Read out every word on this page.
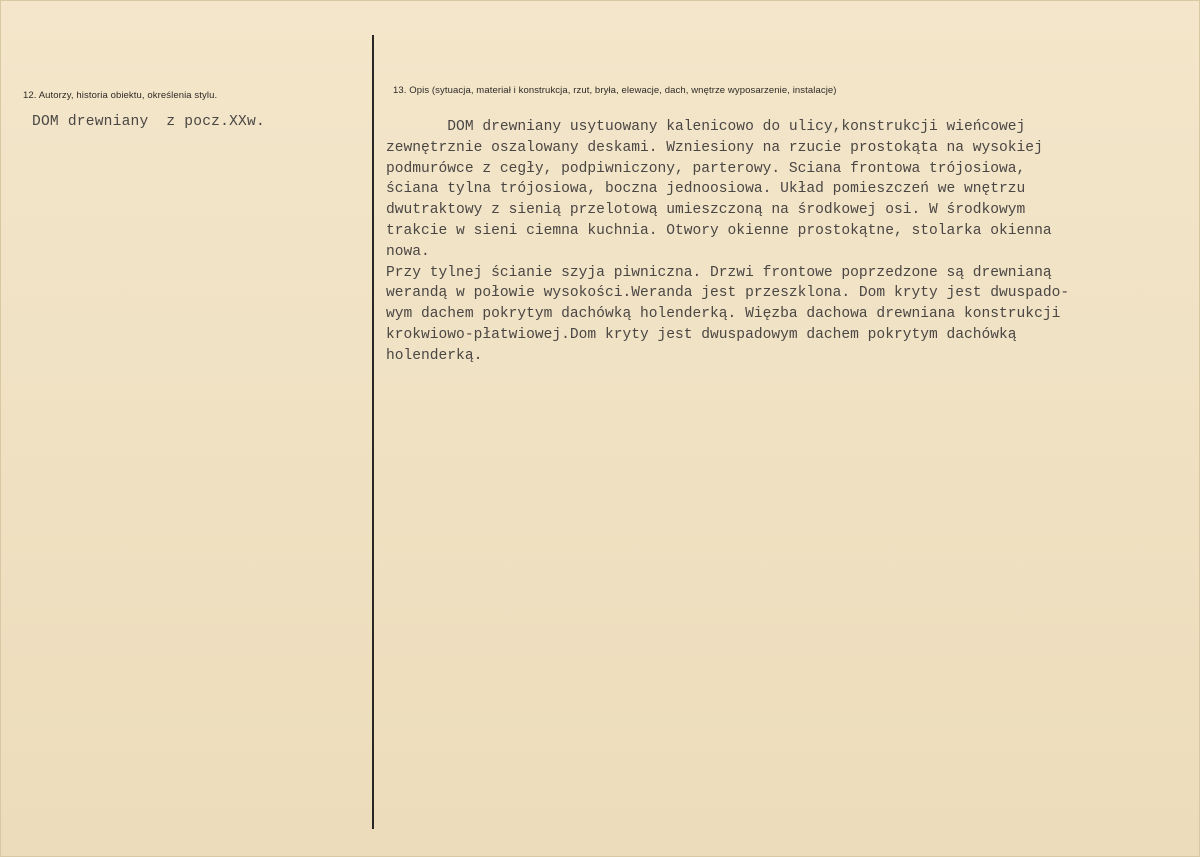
12. Autorzy, historia obiektu, określenia stylu.
DOM drewniany  z pocz.XXw.
13. Opis (sytuacja, materiał i konstrukcja, rzut, bryła, elewacje, dach, wnętrze wyposarzenie, instalacje)
DOM drewniany usytuowany kalenicowo do ulicy,konstrukcji wieńcowej
zewnętrznie oszalowany deskami. Wzniesiony na rzucie prostokąta na wysokiej
podmurówce z cegły, podpiwniczony, parterowy. Sciana frontowa trójosiowa,
ściana tylna trójosiowa, boczna jednoosiowa. Układ pomieszczeń we wnętrzu
dwutraktowy z sienią przelotową umieszczoną na środkowej osi. W środkowym
trakcie w sieni ciemna kuchnia. Otwory okienne prostokątne, stolarka okienna
nowa.
Przy tylnej ścianie szyja piwniczna. Drzwi frontowe poprzedzone są drewnianą
werandą w połowie wysokości.Weranda jest przeszklona. Dom kryty jest dwuspado-
wym dachem pokrytym dachówką holenderką. Więzba dachowa drewniana konstrukcji
krokwiowo-płatwiowej.Dom kryty jest dwuspadowym dachem pokrytym dachówką
holenderką.
